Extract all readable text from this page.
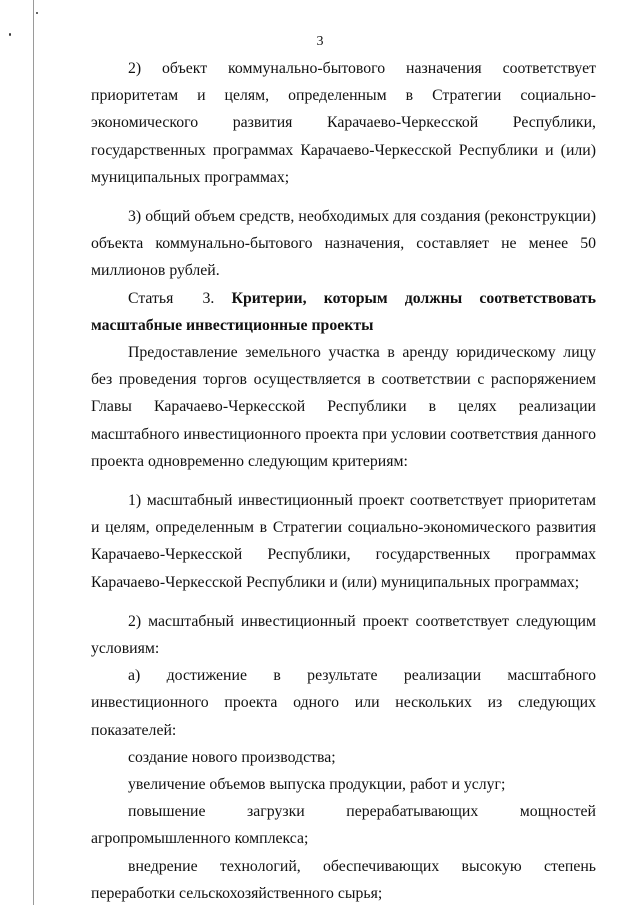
3

2) объект коммунально-бытового назначения соответствует приоритетам и целям, определенным в Стратегии социально-экономического развития Карачаево-Черкесской Республики, государственных программах Карачаево-Черкесской Республики и (или) муниципальных программах;

3) общий объем средств, необходимых для создания (реконструкции) объекта коммунально-бытового назначения, составляет не менее 50 миллионов рублей.

Статья 3. Критерии, которым должны соответствовать масштабные инвестиционные проекты

Предоставление земельного участка в аренду юридическому лицу без проведения торгов осуществляется в соответствии с распоряжением Главы Карачаево-Черкесской Республики в целях реализации масштабного инвестиционного проекта при условии соответствия данного проекта одновременно следующим критериям:

1) масштабный инвестиционный проект соответствует приоритетам и целям, определенным в Стратегии социально-экономического развития Карачаево-Черкесской Республики, государственных программах Карачаево-Черкесской Республики и (или) муниципальных программах;

2) масштабный инвестиционный проект соответствует следующим условиям:

а) достижение в результате реализации масштабного инвестиционного проекта одного или нескольких из следующих показателей:

создание нового производства;

увеличение объемов выпуска продукции, работ и услуг;

повышение загрузки перерабатывающих мощностей агропромышленного комплекса;

внедрение технологий, обеспечивающих высокую степень переработки сельскохозяйственного сырья;
